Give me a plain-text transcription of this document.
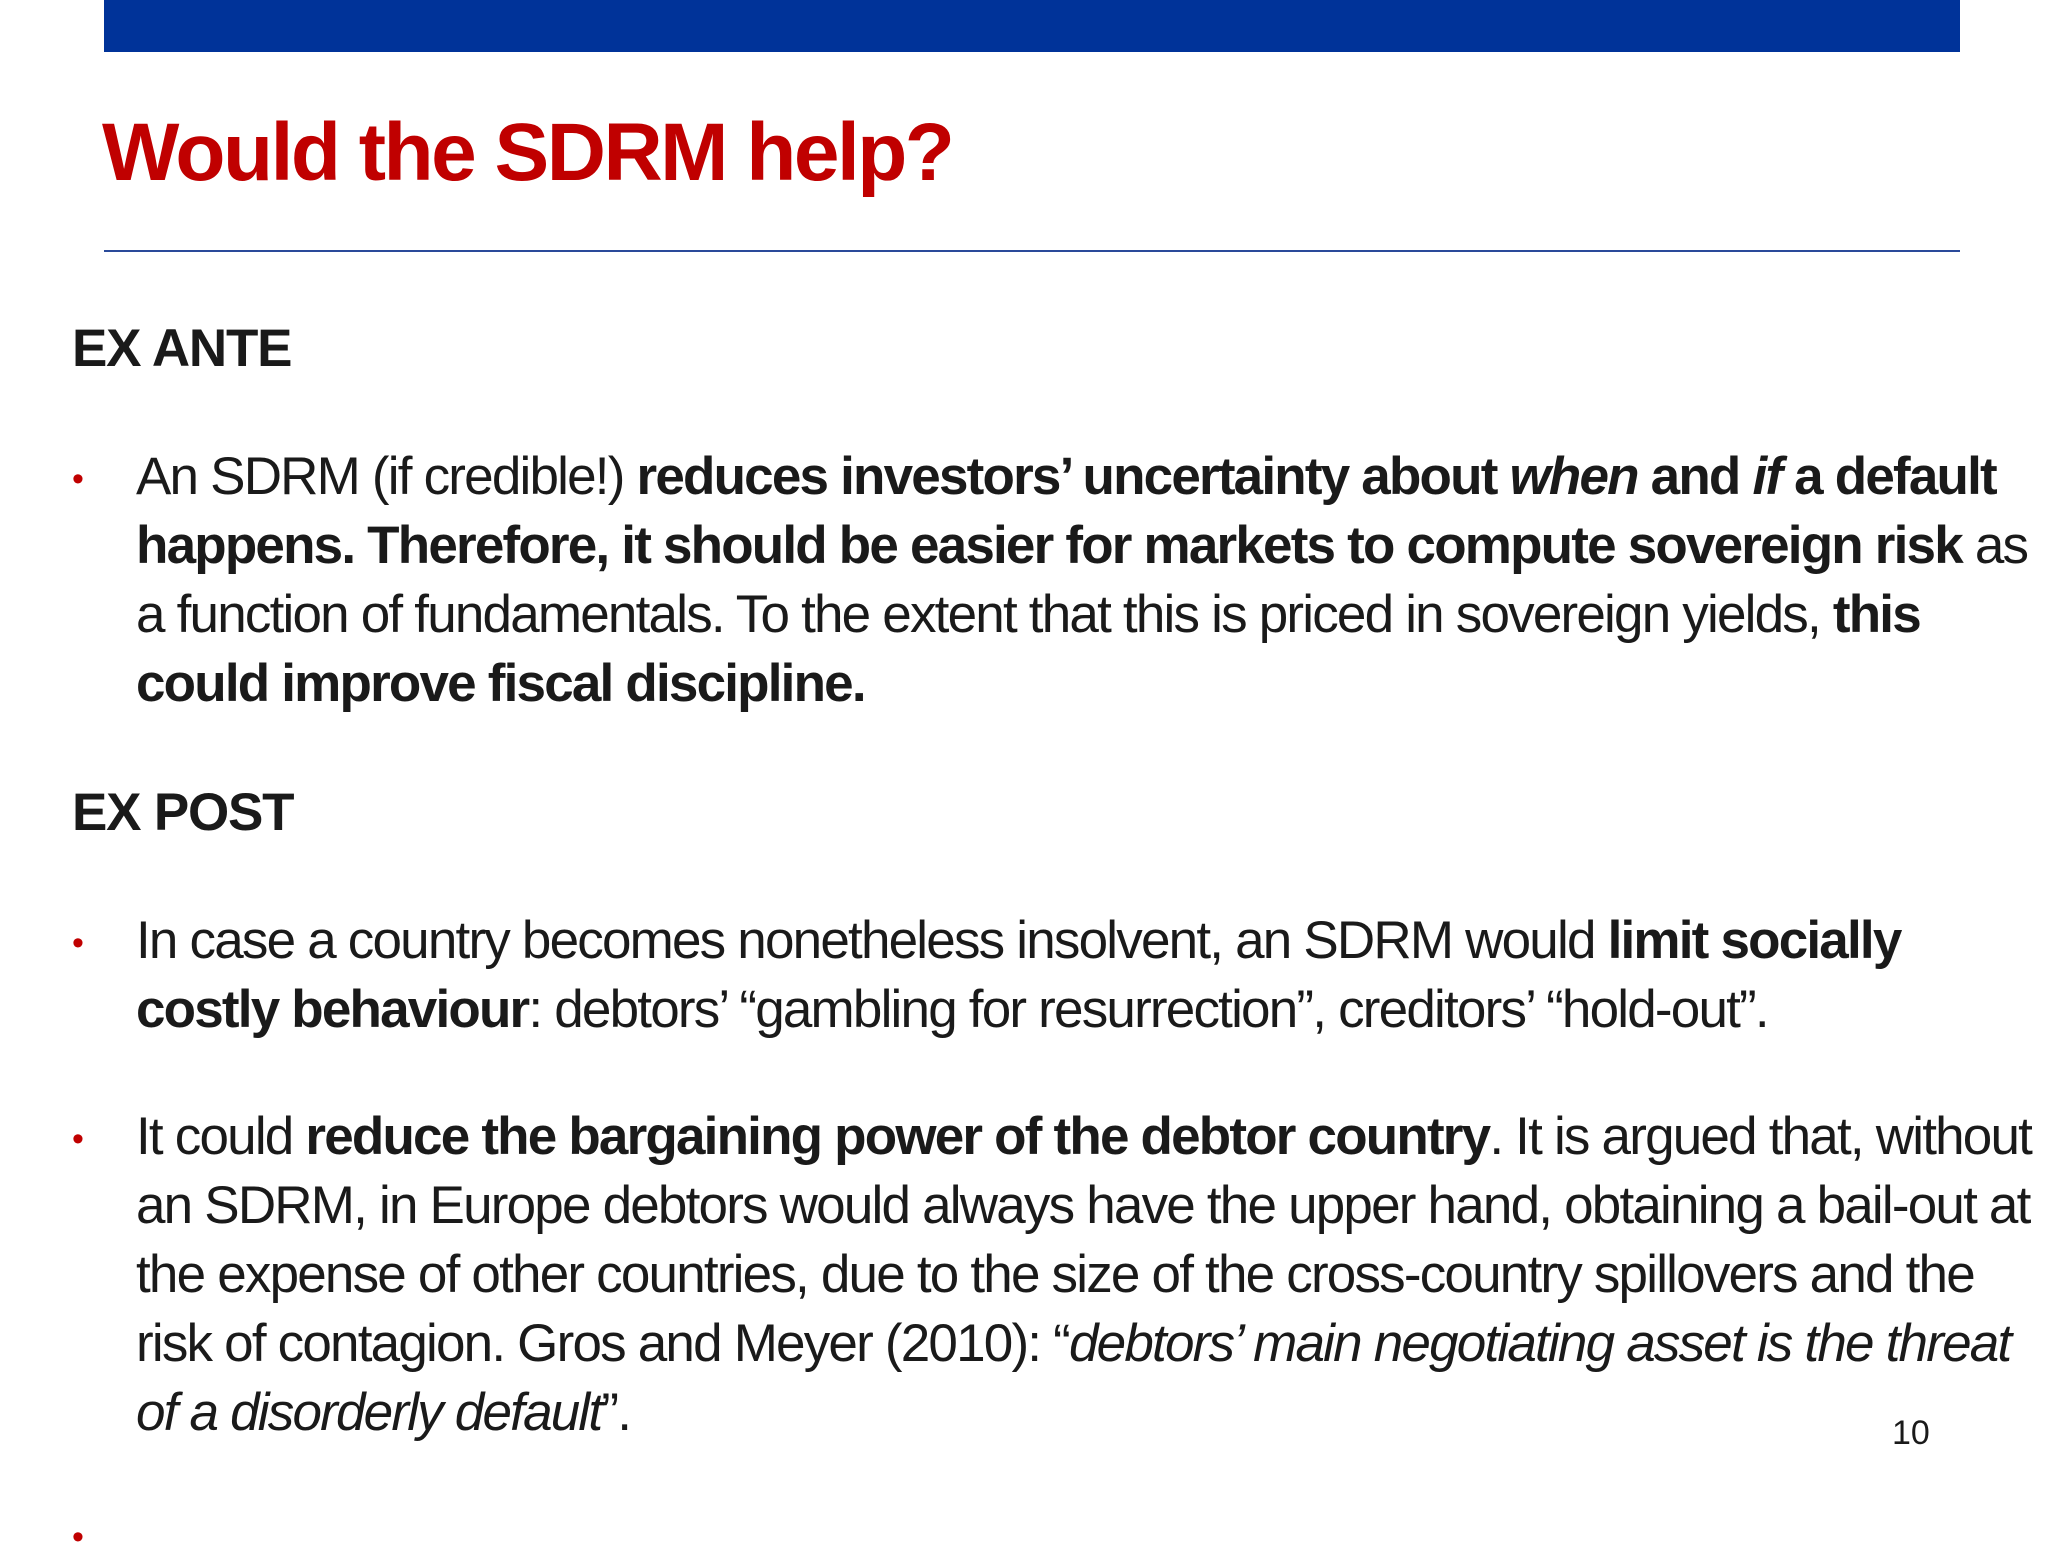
Would the SDRM help?
EX ANTE
• An SDRM (if credible!) reduces investors’ uncertainty about when and if a default happens. Therefore, it should be easier for markets to compute sovereign risk as a function of fundamentals. To the extent that this is priced in sovereign yields, this could improve fiscal discipline.

EX POST
• In case a country becomes nonetheless insolvent, an SDRM would limit socially costly behaviour: debtors’ “gambling for resurrection”, creditors’ “hold-out”.

• It could reduce the bargaining power of the debtor country. It is argued that, without an SDRM, in Europe debtors would always have the upper hand, obtaining a bail-out at the expense of other countries, due to the size of the cross-country spillovers and the risk of contagion. Gros and Meyer (2010): “debtors’ main negotiating asset is the threat of a disorderly default”.	10
•
